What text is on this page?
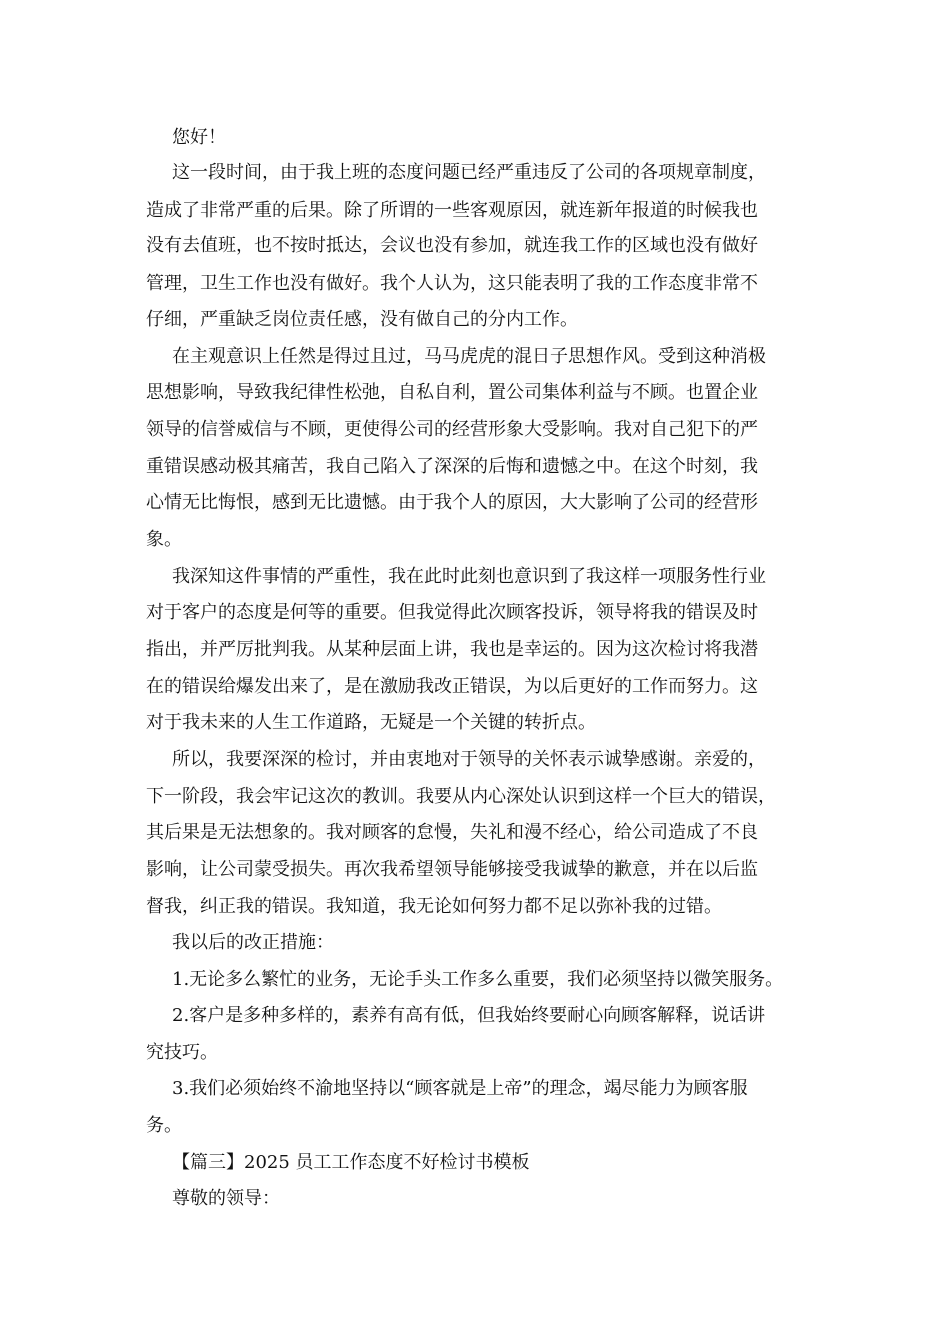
您好！
这一段时间，由于我上班的态度问题已经严重违反了公司的各项规章制度，
造成了非常严重的后果。除了所谓的一些客观原因，就连新年报道的时候我也
没有去值班，也不按时抵达，会议也没有参加，就连我工作的区域也没有做好
管理，卫生工作也没有做好。我个人认为，这只能表明了我的工作态度非常不
仔细，严重缺乏岗位责任感，没有做自己的分内工作。
在主观意识上任然是得过且过，马马虎虎的混日子思想作风。受到这种消极
思想影响，导致我纪律性松弛，自私自利，置公司集体利益与不顾。也置企业
领导的信誉威信与不顾，更使得公司的经营形象大受影响。我对自己犯下的严
重错误感动极其痛苦，我自己陷入了深深的后悔和遗憾之中。在这个时刻，我
心情无比悔恨，感到无比遗憾。由于我个人的原因，大大影响了公司的经营形
象。
我深知这件事情的严重性，我在此时此刻也意识到了我这样一项服务性行业
对于客户的态度是何等的重要。但我觉得此次顾客投诉，领导将我的错误及时
指出，并严厉批判我。从某种层面上讲，我也是幸运的。因为这次检讨将我潜
在的错误给爆发出来了，是在激励我改正错误，为以后更好的工作而努力。这
对于我未来的人生工作道路，无疑是一个关键的转折点。
所以，我要深深的检讨，并由衷地对于领导的关怀表示诚挚感谢。亲爱的，
下一阶段，我会牢记这次的教训。我要从内心深处认识到这样一个巨大的错误，
其后果是无法想象的。我对顾客的怠慢，失礼和漫不经心，给公司造成了不良
影响，让公司蒙受损失。再次我希望领导能够接受我诚挚的歉意，并在以后监
督我，纠正我的错误。我知道，我无论如何努力都不足以弥补我的过错。
我以后的改正措施：
1.无论多么繁忙的业务，无论手头工作多么重要，我们必须坚持以微笑服务。
2.客户是多种多样的，素养有高有低，但我始终要耐心向顾客解释，说话讲
究技巧。
3.我们必须始终不渝地坚持以“顾客就是上帝”的理念，竭尽能力为顾客服
务。
【篇三】2025 员工工作态度不好检讨书模板
尊敬的领导：
